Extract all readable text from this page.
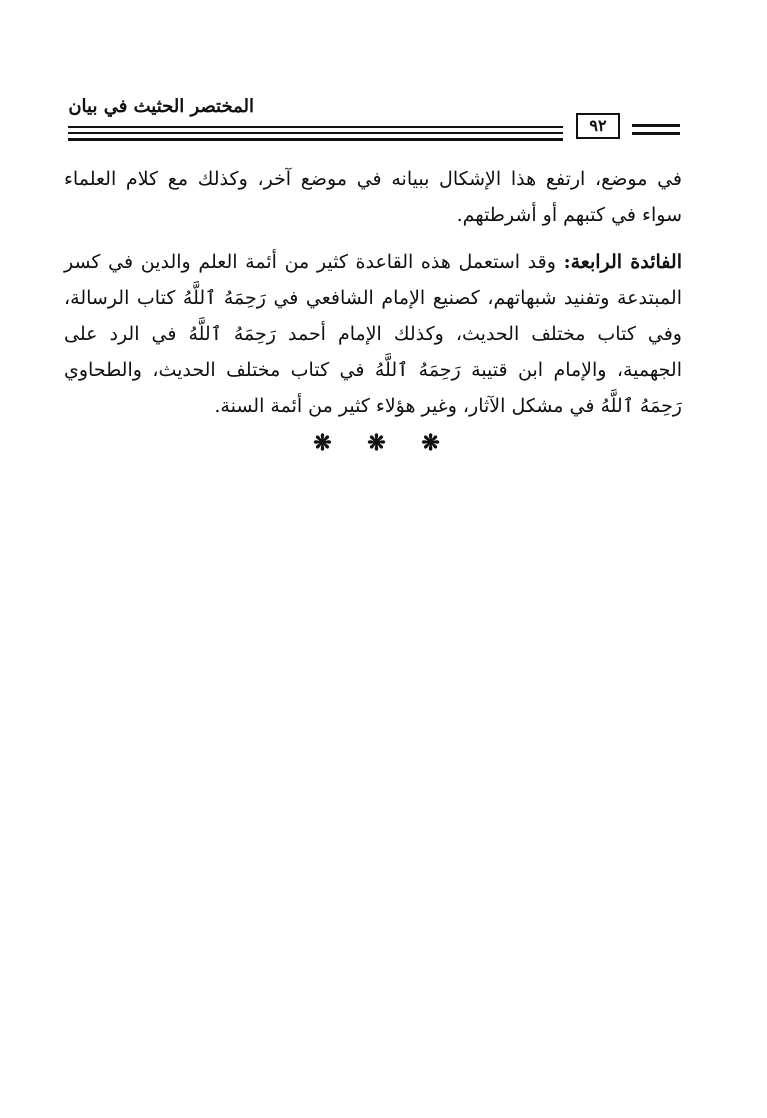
المختصر الحثيث في بيان
٩٢

في موضع، ارتفع هذا الإشكال ببيانه في موضع آخر، وكذلك مع كلام العلماء سواء في كتبهم أو أشرطتهم.

الفائدة الرابعة: وقد استعمل هذه القاعدة كثير من أئمة العلم والدين في كسر المبتدعة وتفنيد شبهاتهم، كصنيع الإمام الشافعي في رَحِمَهُ ٱللَّهُ كتاب الرسالة، وفي كتاب مختلف الحديث، وكذلك الإمام أحمد رَحِمَهُ ٱللَّهُ في الرد على الجهمية، والإمام ابن قتيبة رَحِمَهُ ٱللَّهُ في كتاب مختلف الحديث، والطحاوي رَحِمَهُ ٱللَّهُ في مشكل الآثار، وغير هؤلاء كثير من أئمة السنة.

❋ ❋ ❋
